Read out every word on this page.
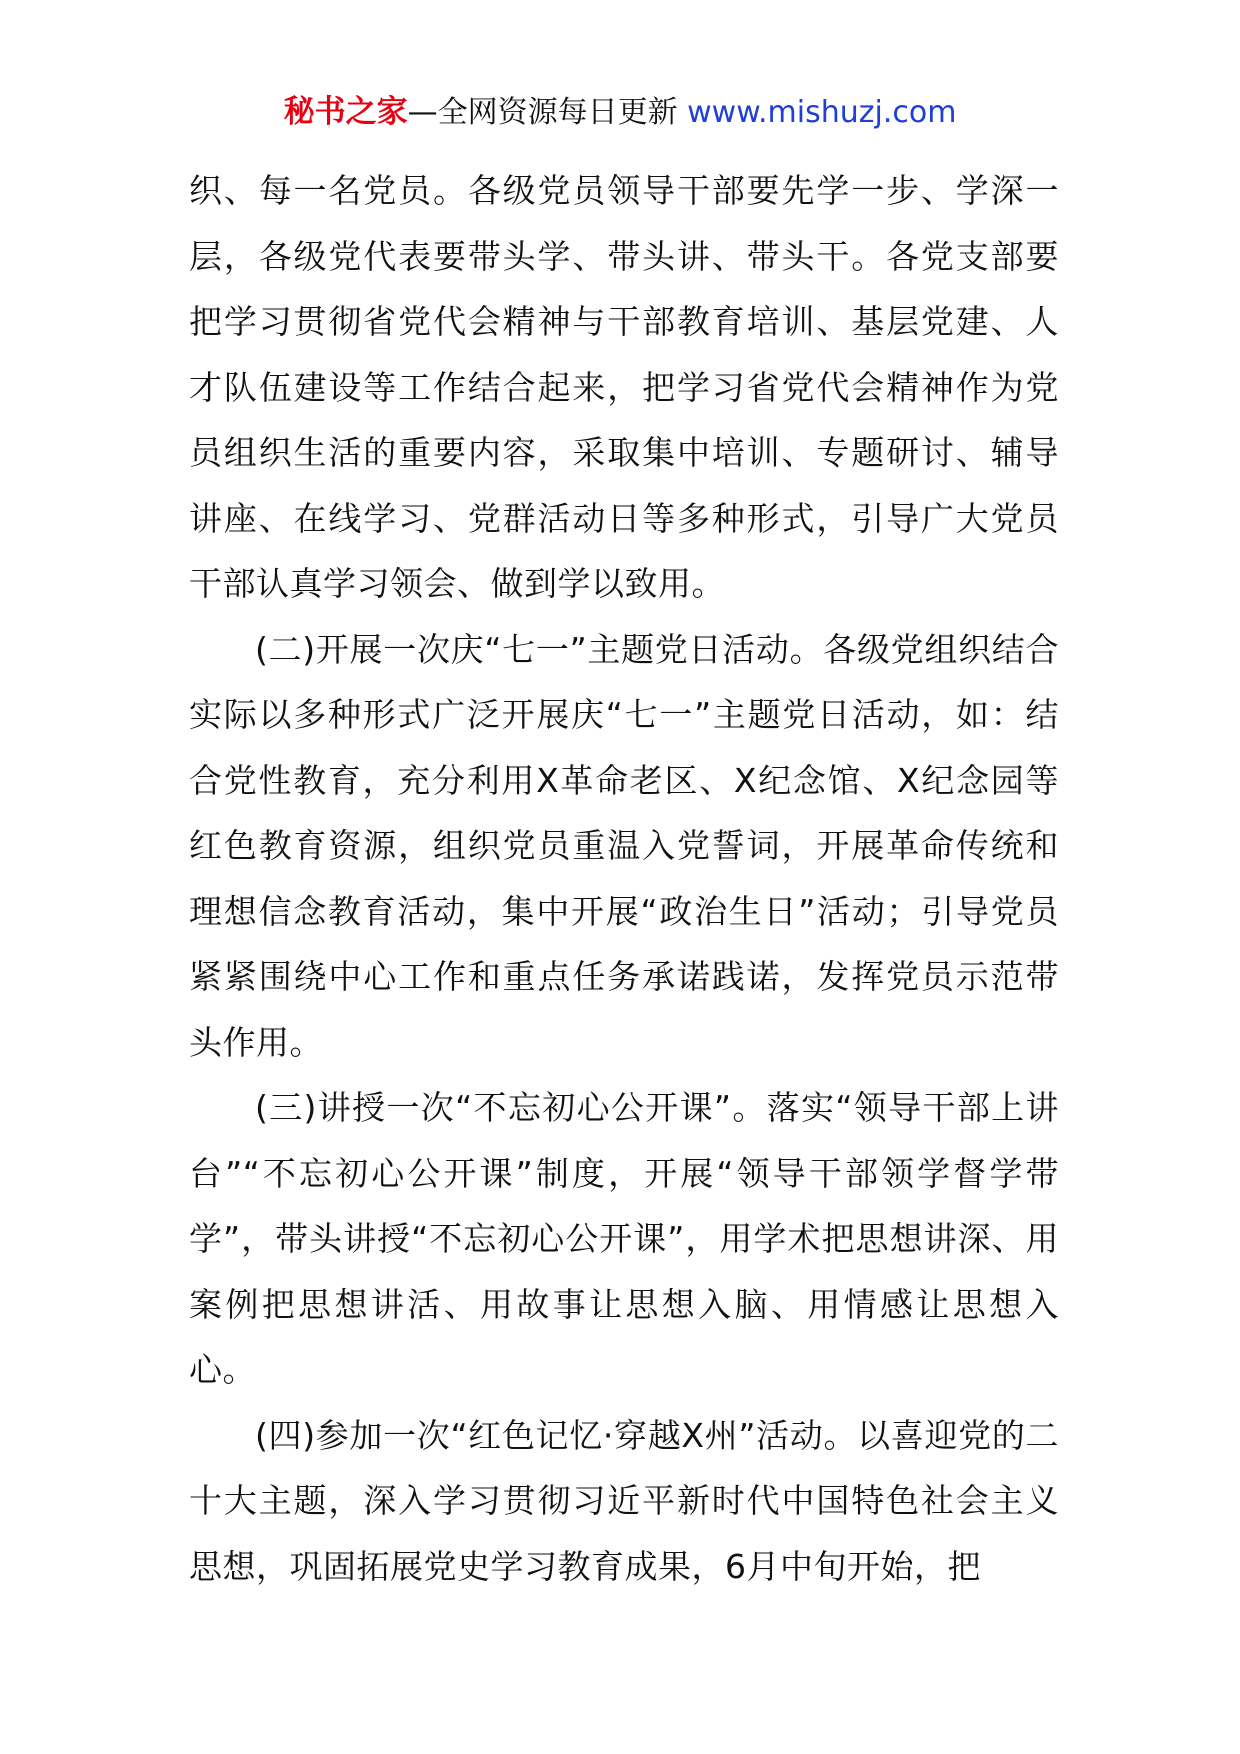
秘书之家—全网资源每日更新 www.mishuzj.com

织、每一名党员。各级党员领导干部要先学一步、学深一层，各级党代表要带头学、带头讲、带头干。各党支部要把学习贯彻省党代会精神与干部教育培训、基层党建、人才队伍建设等工作结合起来，把学习省党代会精神作为党员组织生活的重要内容，采取集中培训、专题研讨、辅导讲座、在线学习、党群活动日等多种形式，引导广大党员干部认真学习领会、做到学以致用。

(二)开展一次庆“七一”主题党日活动。各级党组织结合实际以多种形式广泛开展庆“七一”主题党日活动，如：结合党性教育，充分利用X革命老区、X纪念馆、X纪念园等红色教育资源，组织党员重温入党誓词，开展革命传统和理想信念教育活动，集中开展“政治生日”活动；引导党员紧紧围绕中心工作和重点任务承诺践诺，发挥党员示范带头作用。

(三)讲授一次“不忘初心公开课”。落实“领导干部上讲台”“不忘初心公开课”制度，开展“领导干部领学督学带学”，带头讲授“不忘初心公开课”，用学术把思想讲深、用案例把思想讲活、用故事让思想入脑、用情感让思想入心。

(四)参加一次“红色记忆·穿越X州”活动。以喜迎党的二十大主题，深入学习贯彻习近平新时代中国特色社会主义思想，巩固拓展党史学习教育成果，6月中旬开始，把
